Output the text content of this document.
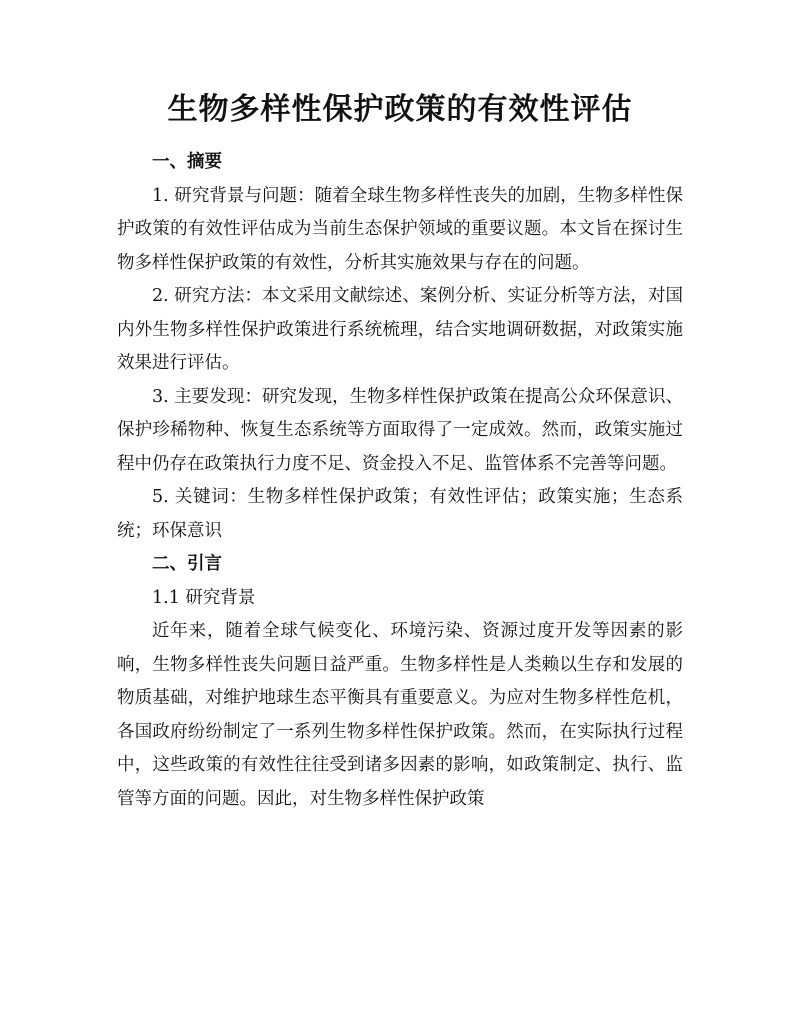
生物多样性保护政策的有效性评估

一、摘要

1. 研究背景与问题：随着全球生物多样性丧失的加剧，生物多样性保护政策的有效性评估成为当前生态保护领域的重要议题。本文旨在探讨生物多样性保护政策的有效性，分析其实施效果与存在的问题。

2. 研究方法：本文采用文献综述、案例分析、实证分析等方法，对国内外生物多样性保护政策进行系统梳理，结合实地调研数据，对政策实施效果进行评估。

3. 主要发现：研究发现，生物多样性保护政策在提高公众环保意识、保护珍稀物种、恢复生态系统等方面取得了一定成效。然而，政策实施过程中仍存在政策执行力度不足、资金投入不足、监管体系不完善等问题。

5. 关键词：生物多样性保护政策；有效性评估；政策实施；生态系统；环保意识

二、引言

1.1 研究背景

近年来，随着全球气候变化、环境污染、资源过度开发等因素的影响，生物多样性丧失问题日益严重。生物多样性是人类赖以生存和发展的物质基础，对维护地球生态平衡具有重要意义。为应对生物多样性危机，各国政府纷纷制定了一系列生物多样性保护政策。然而，在实际执行过程中，这些政策的有效性往往受到诸多因素的影响，如政策制定、执行、监管等方面的问题。因此，对生物多样性保护政策
